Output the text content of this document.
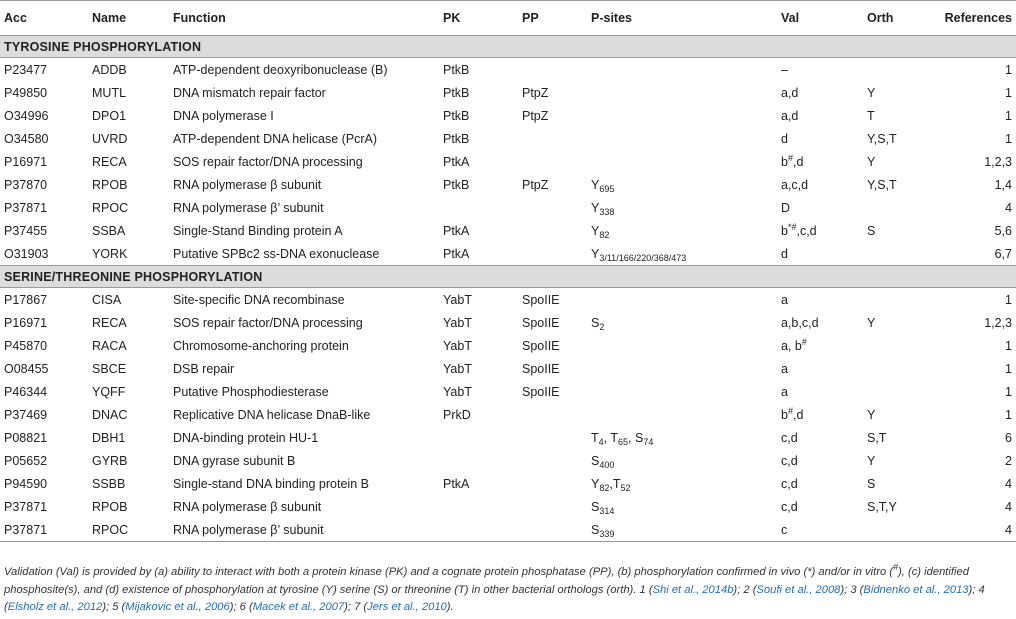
Acc	Name	Function	PK	PP	P-sites	Val	Orth	References
TYROSINE PHOSPHORYLATION								
P23477	ADDB	ATP-dependent deoxyribonuclease (B)	PtkB			–		1
P49850	MUTL	DNA mismatch repair factor	PtkB	PtpZ		a,d	Y	1
O34996	DPO1	DNA polymerase I	PtkB	PtpZ		a,d	T	1
O34580	UVRD	ATP-dependent DNA helicase (PcrA)	PtkB			d	Y,S,T	1
P16971	RECA	SOS repair factor/DNA processing	PtkA			b#,d	Y	1,2,3
P37870	RPOB	RNA polymerase β subunit	PtkB	PtpZ	$Y_{695}$	a,c,d	Y,S,T	1,4
P37871	RPOC	RNA polymerase β’ subunit			$Y_{338}$	D		4
P37455	SSBA	Single-Stand Binding protein A	PtkA		$Y_{82}$	b*#,c,d	S	5,6
O31903	YORK	Putative SPBc2 ss-DNA exonuclease	PtkA		$Y_{3/11/166/220/368/473}$	d		6,7
SERINE/THREONINE PHOSPHORYLATION								
P17867	CISA	Site-specific DNA recombinase	YabT	SpoIIE		a		1
P16971	RECA	SOS repair factor/DNA processing	YabT	SpoIIE	$S_2$	a,b,c,d	Y	1,2,3
P45870	RACA	Chromosome-anchoring protein	YabT	SpoIIE		a, b#		1
O08455	SBCE	DSB repair	YabT	SpoIIE		a		1
P46344	YQFF	Putative Phosphodiesterase	YabT	SpoIIE		a		1
P37469	DNAC	Replicative DNA helicase DnaB-like	PrkD			b#,d	Y	1
P08821	DBH1	DNA-binding protein HU-1			$T_4$, $T_{65}$, $S_{74}$	c,d	S,T	6
P05652	GYRB	DNA gyrase subunit B			$S_{400}$	c,d	Y	2
P94590	SSBB	Single-stand DNA binding protein B	PtkA		$Y_{82},T_{52}$	c,d	S	4
P37871	RPOB	RNA polymerase β subunit			$S_{314}$	c,d	S,T,Y	4
P37871	RPOC	RNA polymerase β’ subunit			$S_{339}$	c		4
Validation (Val) is provided by (a) ability to interact with both a protein kinase (PK) and a cognate protein phosphatase (PP), (b) phosphorylation confirmed in vivo (*) and/or in vitro (#), (c) identified phosphosite(s), and (d) existence of phosphorylation at tyrosine (Y) serine (S) or threonine (T) in other bacterial orthologs (orth). 1 (Shi et al., 2014b); 2 (Soufi et al., 2008); 3 (Bidnenko et al., 2013); 4 (Elsholz et al., 2012); 5 (Mijakovic et al., 2006); 6 (Macek et al., 2007); 7 (Jers et al., 2010).
